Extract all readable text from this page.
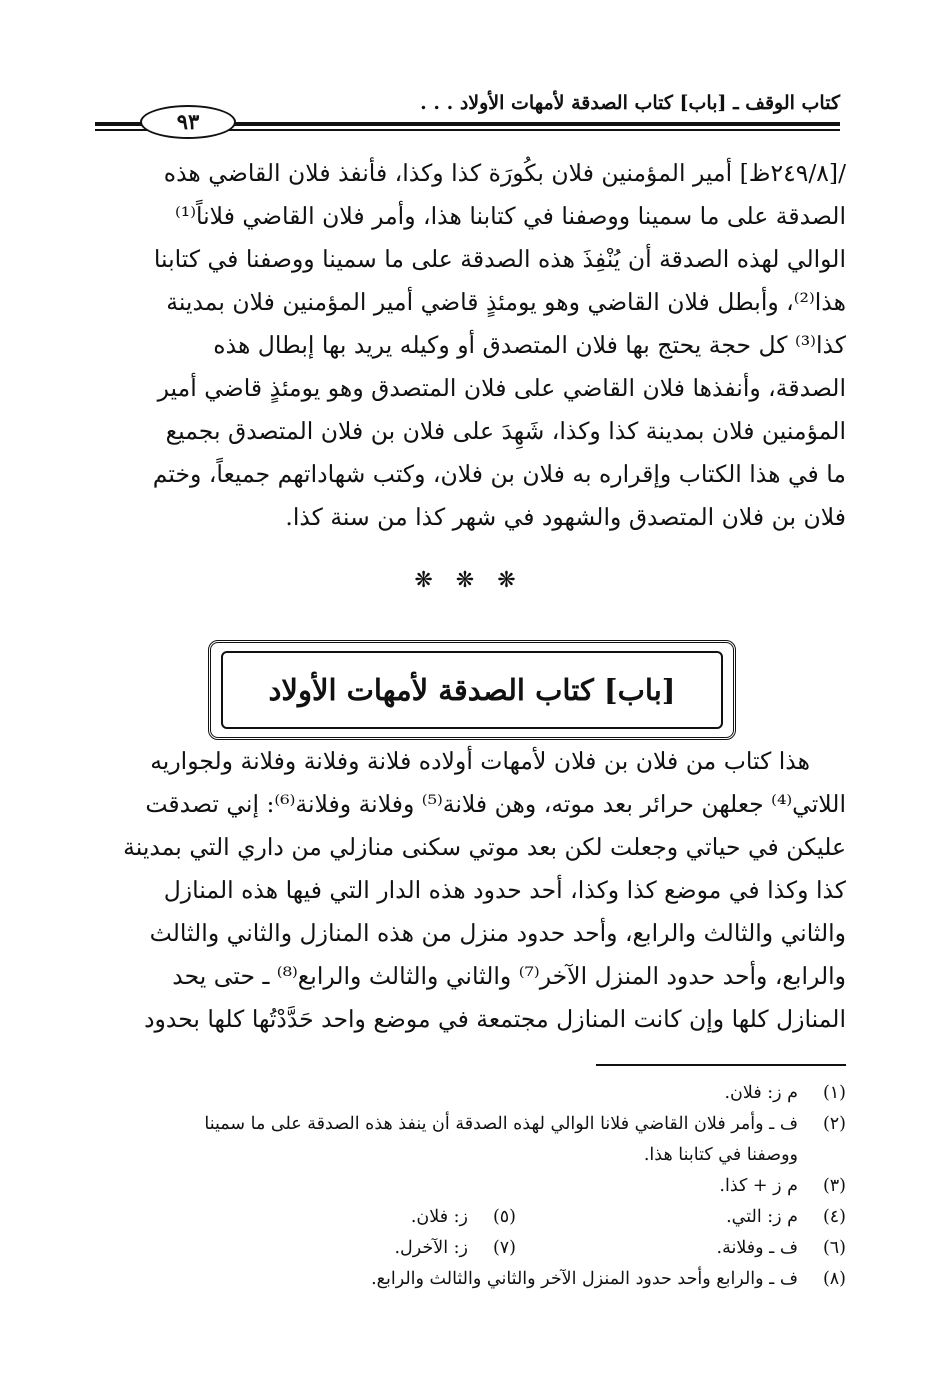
كتاب الوقف ـ [باب] كتاب الصدقة لأمهات الأولاد . . .
٩٣
/[٢٤٩/٨ظ] أمير المؤمنين فلان بكُورَة كذا وكذا، فأنفذ فلان القاضي هذه
الصدقة على ما سمينا ووصفنا في كتابنا هذا، وأمر فلان القاضي فلاناً⁽¹⁾
الوالي لهذه الصدقة أن يُنْفِذَ هذه الصدقة على ما سمينا ووصفنا في كتابنا
هذا⁽²⁾، وأبطل فلان القاضي وهو يومئذٍ قاضي أمير المؤمنين فلان بمدينة
كذا⁽³⁾ كل حجة يحتج بها فلان المتصدق أو وكيله يريد بها إبطال هذه
الصدقة، وأنفذها فلان القاضي على فلان المتصدق وهو يومئذٍ قاضي أمير
المؤمنين فلان بمدينة كذا وكذا، شَهِدَ على فلان بن فلان المتصدق بجميع
ما في هذا الكتاب وإقراره به فلان بن فلان، وكتب شهاداتهم جميعاً، وختم
فلان بن فلان المتصدق والشهود في شهر كذا من سنة كذا.
❋ ❋ ❋
[باب] كتاب الصدقة لأمهات الأولاد
هذا كتاب من فلان بن فلان لأمهات أولاده فلانة وفلانة وفلانة ولجواريه
اللاتي⁽⁴⁾ جعلهن حرائر بعد موته، وهن فلانة⁽⁵⁾ وفلانة وفلانة⁽⁶⁾: إني تصدقت
عليكن في حياتي وجعلت لكن بعد موتي سكنى منازلي من داري التي بمدينة
كذا وكذا في موضع كذا وكذا، أحد حدود هذه الدار التي فيها هذه المنازل
والثاني والثالث والرابع، وأحد حدود منزل من هذه المنازل والثاني والثالث
والرابع، وأحد حدود المنزل الآخر⁽⁷⁾ والثاني والثالث والرابع⁽⁸⁾ ـ حتى يحد
المنازل كلها وإن كانت المنازل مجتمعة في موضع واحد حَدَّدْتُها كلها بحدود
(١)م ز: فلان.
(٢)ف ـ وأمر فلان القاضي فلانا الوالي لهذه الصدقة أن ينفذ هذه الصدقة على ما سمينا
ووصفنا في كتابنا هذا.
(٣)م ز + كذا.
(٤)م ز: التي.
(٥)ز: فلان.
(٦)ف ـ وفلانة.
(٧)ز: الآخرل.
(٨)ف ـ والرابع وأحد حدود المنزل الآخر والثاني والثالث والرابع.
